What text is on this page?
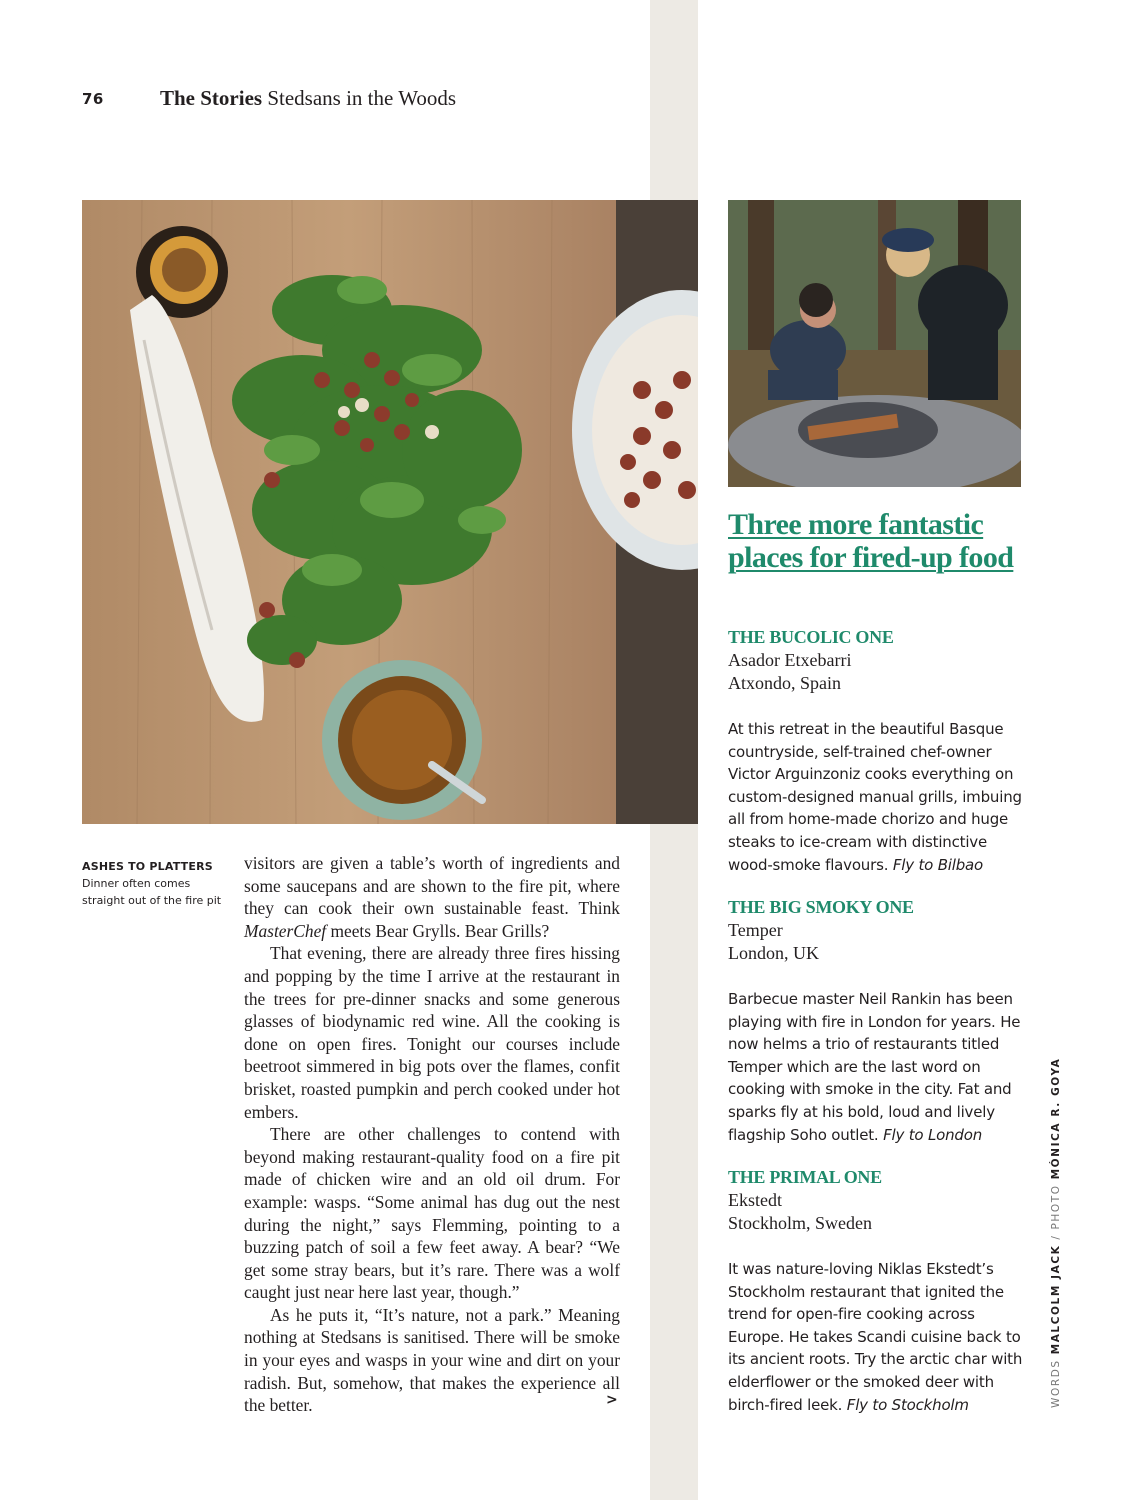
76	The Stories Stedsans in the Woods
ASHES TO PLATTERS
Dinner often comes straight out of the fire pit

visitors are given a table’s worth of ingredients and some saucepans and are shown to the fire pit, where they can cook their own sustainable feast. Think MasterChef meets Bear Grylls. Bear Grills?

That evening, there are already three fires hissing and popping by the time I arrive at the restaurant in the trees for pre-dinner snacks and some generous glasses of biodynamic red wine. All the cooking is done on open fires. Tonight our courses include beetroot simmered in big pots over the flames, confit brisket, roasted pumpkin and perch cooked under hot embers.

There are other challenges to contend with beyond making restaurant-quality food on a fire pit made of chicken wire and an old oil drum. For example: wasps. “Some animal has dug out the nest during the night,” says Flemming, pointing to a buzzing patch of soil a few feet away. A bear? “We get some stray bears, but it’s rare. There was a wolf caught just near here last year, though.”

As he puts it, “It’s nature, not a park.” Meaning nothing at Stedsans is sanitised. There will be smoke in your eyes and wasps in your wine and dirt on your radish. But, somehow, that makes the experience all the better.	>
Three more fantastic places for fired-up food
THE BUCOLIC ONE
Asador Etxebarri
Atxondo, Spain
At this retreat in the beautiful Basque countryside, self-trained chef-owner Victor Arguinzoniz cooks everything on custom-designed manual grills, imbuing all from home-made chorizo and huge steaks to ice-cream with distinctive wood-smoke flavours. Fly to Bilbao
THE BIG SMOKY ONE
Temper
London, UK
Barbecue master Neil Rankin has been playing with fire in London for years. He now helms a trio of restaurants titled Temper which are the last word on cooking with smoke in the city. Fat and sparks fly at his bold, loud and lively flagship Soho outlet. Fly to London
THE PRIMAL ONE
Ekstedt
Stockholm, Sweden
It was nature-loving Niklas Ekstedt’s Stockholm restaurant that ignited the trend for open-fire cooking across Europe. He takes Scandi cuisine back to its ancient roots. Try the arctic char with elderflower or the smoked deer with birch-fired leek. Fly to Stockholm	WORDS MALCOLM JACK / PHOTO MÓNICA R. GOYA
